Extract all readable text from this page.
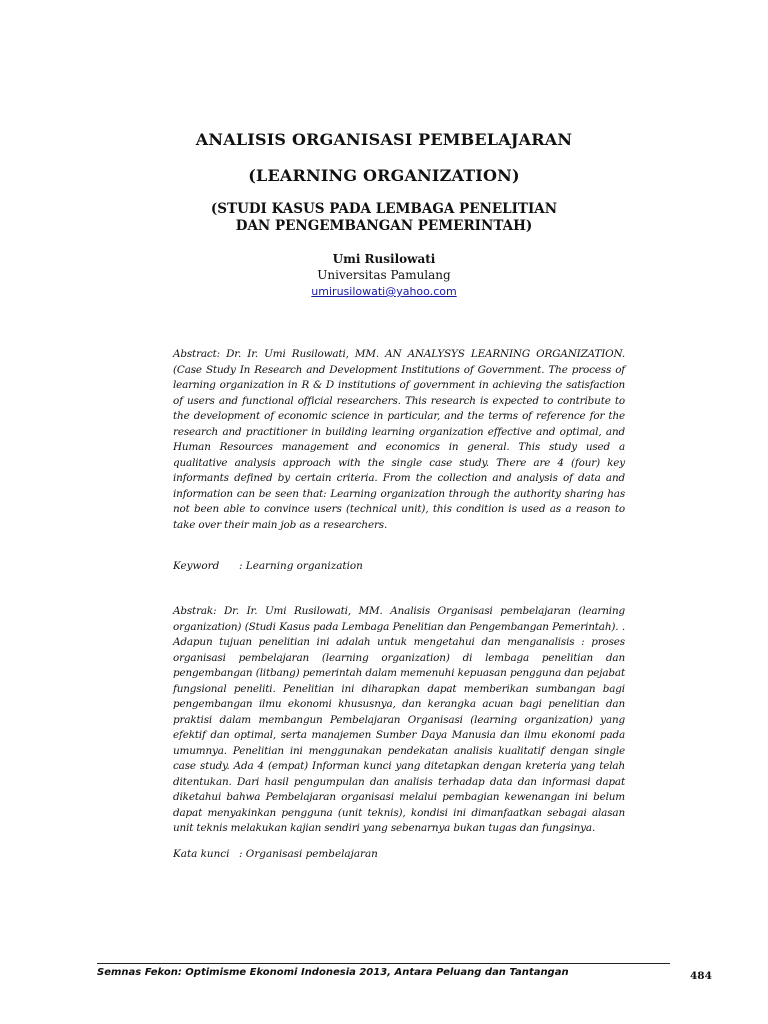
ANALISIS ORGANISASI PEMBELAJARAN
(LEARNING ORGANIZATION)
(STUDI KASUS PADA LEMBAGA PENELITIAN
DAN PENGEMBANGAN PEMERINTAH)
Umi Rusilowati
Universitas Pamulang
umirusilowati@yahoo.com

Abstract: Dr. Ir. Umi Rusilowati, MM. AN ANALYSYS LEARNING ORGANIZATION. (Case Study In Research and Development Institutions of Government. The process of learning organization in R & D institutions of government in achieving the satisfaction of users and functional official researchers. This research is expected to contribute to the development of economic science in particular, and the terms of reference for the research and practitioner in building learning organization effective and optimal, and Human Resources management and economics in general. This study used a qualitative analysis approach with the single case study. There are 4 (four) key informants defined by certain criteria. From the collection and analysis of data and information can be seen that: Learning organization through the authority sharing has not been able to convince users (technical unit), this condition is used as a reason to take over their main job as a researchers.

Keyword : Learning organization

Abstrak: Dr. Ir. Umi Rusilowati, MM. Analisis Organisasi pembelajaran (learning organization) (Studi Kasus pada Lembaga Penelitian dan Pengembangan Pemerintah). . Adapun tujuan penelitian ini adalah untuk mengetahui dan menganalisis : proses organisasi pembelajaran (learning organization) di lembaga penelitian dan pengembangan (litbang) pemerintah dalam memenuhi kepuasan pengguna dan pejabat fungsional peneliti. Penelitian ini diharapkan dapat memberikan sumbangan bagi pengembangan ilmu ekonomi khususnya, dan kerangka acuan bagi penelitian dan praktisi dalam membangun Pembelajaran Organisasi (learning organization) yang efektif dan optimal, serta manajemen Sumber Daya Manusia dan ilmu ekonomi pada umumnya. Penelitian ini menggunakan pendekatan analisis kualitatif dengan single case study. Ada 4 (empat) Informan kunci yang ditetapkan dengan kreteria yang telah ditentukan. Dari hasil pengumpulan dan analisis terhadap data dan informasi dapat diketahui bahwa Pembelajaran organisasi melalui pembagian kewenangan ini belum dapat menyakinkan pengguna (unit teknis), kondisi ini dimanfaatkan sebagai alasan unit teknis melakukan kajian sendiri yang sebenarnya bukan tugas dan fungsinya.

Kata kunci : Organisasi pembelajaran
Semnas Fekon: Optimisme Ekonomi Indonesia 2013, Antara Peluang dan Tantangan	484
